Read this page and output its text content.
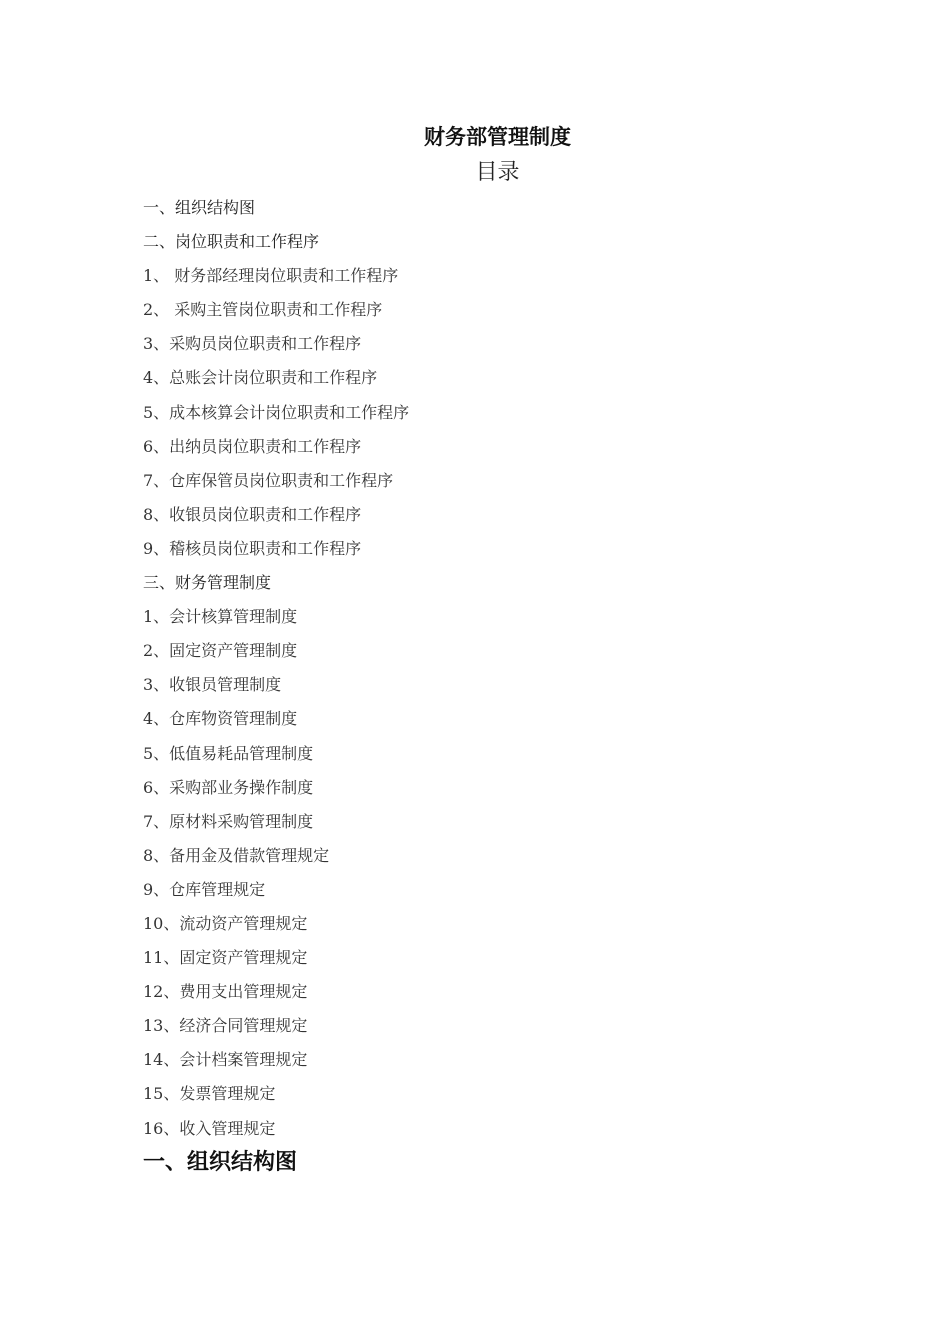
财务部管理制度
目录
一、组织结构图
二、岗位职责和工作程序
1、 财务部经理岗位职责和工作程序
2、 采购主管岗位职责和工作程序
3、采购员岗位职责和工作程序
4、总账会计岗位职责和工作程序
5、成本核算会计岗位职责和工作程序
6、出纳员岗位职责和工作程序
7、仓库保管员岗位职责和工作程序
8、收银员岗位职责和工作程序
9、稽核员岗位职责和工作程序
三、财务管理制度
1、会计核算管理制度
2、固定资产管理制度
3、收银员管理制度
4、仓库物资管理制度
5、低值易耗品管理制度
6、采购部业务操作制度
7、原材料采购管理制度
8、备用金及借款管理规定
9、仓库管理规定
10、流动资产管理规定
11、固定资产管理规定
12、费用支出管理规定
13、经济合同管理规定
14、会计档案管理规定
15、发票管理规定
16、收入管理规定
一、组织结构图
